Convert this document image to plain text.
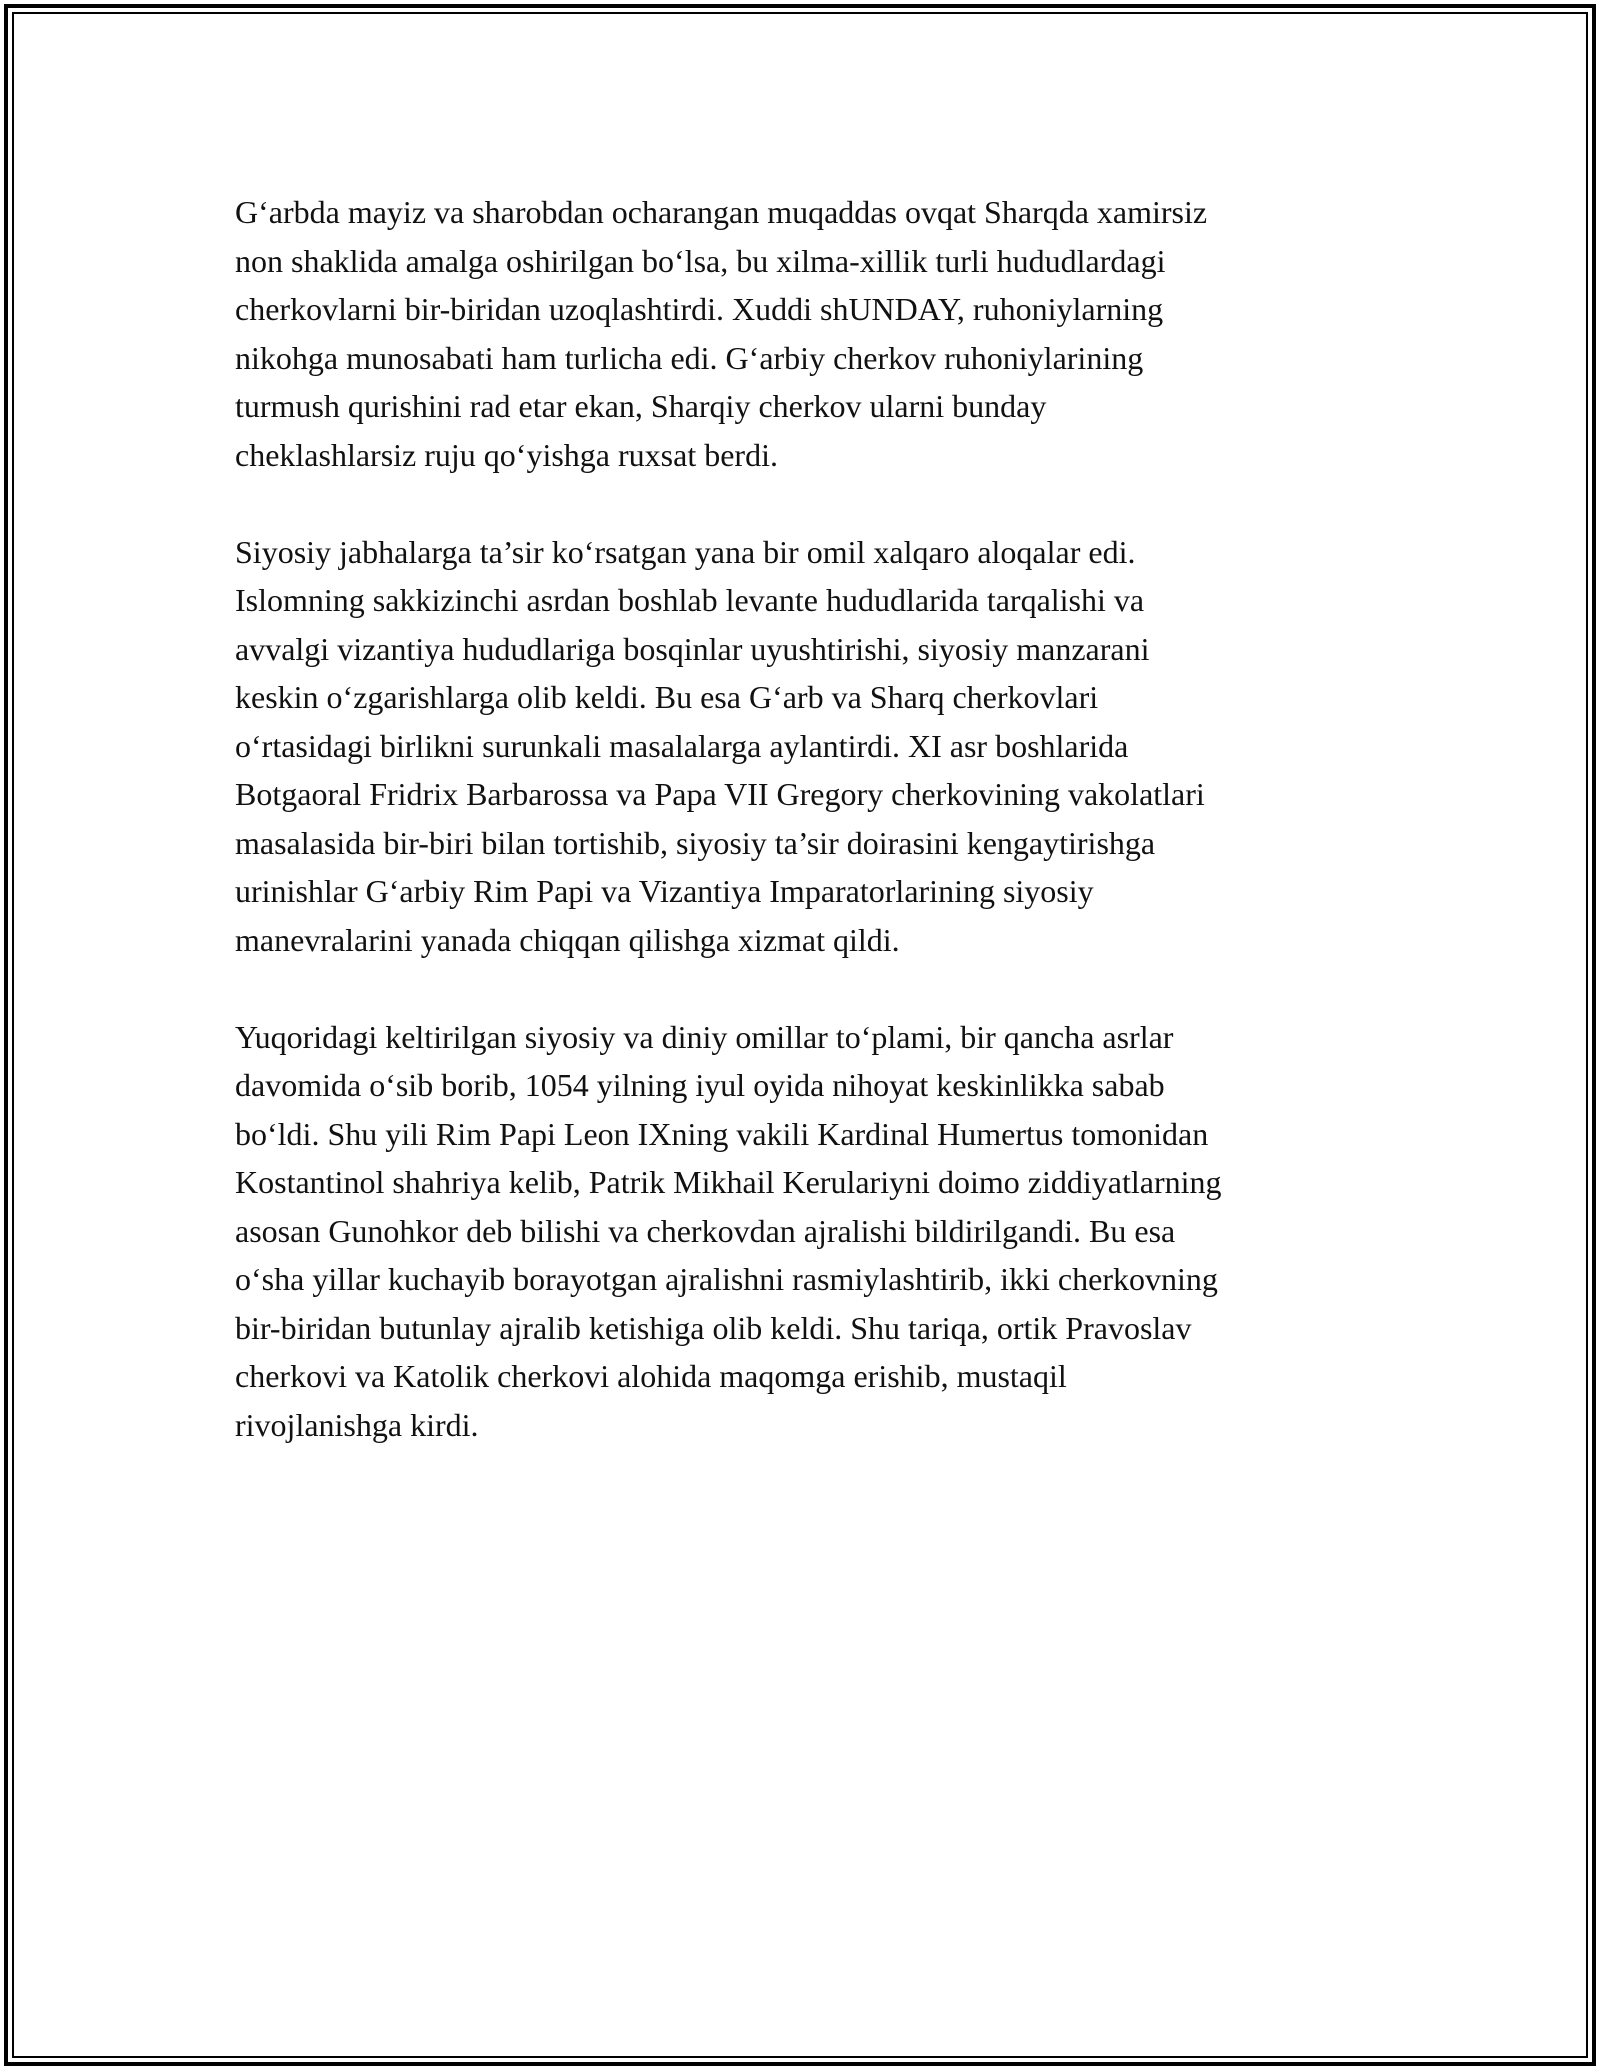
G‘arbda mayiz va sharobdan ocharangan muqaddas ovqat Sharqda xamirsiz
non shaklida amalga oshirilgan bo‘lsa, bu xilma-xillik turli hududlardagi
cherkovlarni bir-biridan uzoqlashtirdi. Xuddi shUNDAY, ruhoniylarning
nikohga munosabati ham turlicha edi. G‘arbiy cherkov ruhoniylarining
turmush qurishini rad etar ekan, Sharqiy cherkov ularni bunday
cheklashlarsiz ruju qo‘yishga ruxsat berdi.

Siyosiy jabhalarga ta’sir ko‘rsatgan yana bir omil xalqaro aloqalar edi.
Islomning sakkizinchi asrdan boshlab levante hududlarida tarqalishi va
avvalgi vizantiya hududlariga bosqinlar uyushtirishi, siyosiy manzarani
keskin o‘zgarishlarga olib keldi. Bu esa G‘arb va Sharq cherkovlari
o‘rtasidagi birlikni surunkali masalalarga aylantirdi. XI asr boshlarida
Botgaoral Fridrix Barbarossa va Papa VII Gregory cherkovining vakolatlari
masalasida bir-biri bilan tortishib, siyosiy ta’sir doirasini kengaytirishga
urinishlar G‘arbiy Rim Papi va Vizantiya Imparatorlarining siyosiy
manevralarini yanada chiqqan qilishga xizmat qildi.

Yuqoridagi keltirilgan siyosiy va diniy omillar to‘plami, bir qancha asrlar
davomida o‘sib borib, 1054 yilning iyul oyida nihoyat keskinlikka sabab
bo‘ldi. Shu yili Rim Papi Leon IXning vakili Kardinal Humertus tomonidan
Kostantinol shahriya kelib, Patrik Mikhail Kerulariyni doimo ziddiyatlarning
asosan Gunohkor deb bilishi va cherkovdan ajralishi bildirilgandi. Bu esa
o‘sha yillar kuchayib borayotgan ajralishni rasmiylashtirib, ikki cherkovning
bir-biridan butunlay ajralib ketishiga olib keldi. Shu tariqa, ortik Pravoslav
cherkovi va Katolik cherkovi alohida maqomga erishib, mustaqil
rivojlanishga kirdi.
